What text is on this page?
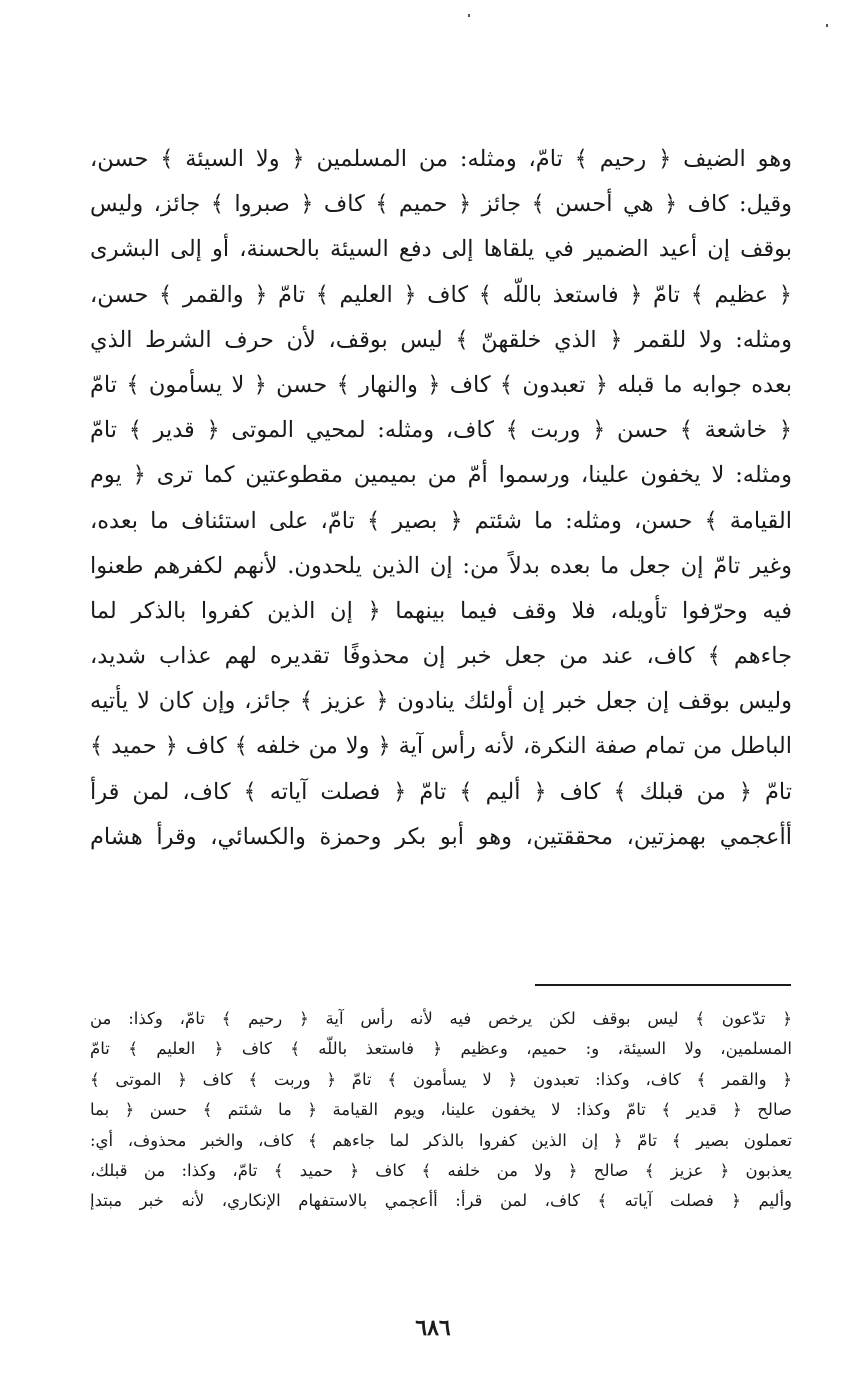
وهو الضيف ﴿ رحيم ﴾ تامّ، ومثله: من المسلمين ﴿ ولا السيئة ﴾ حسن،
وقيل: كاف ﴿ هي أحسن ﴾ جائز ﴿ حميم ﴾ كاف ﴿ صبروا ﴾ جائز، وليس
بوقف إن أعيد الضمير في يلقاها إلى دفع السيئة بالحسنة، أو إلى البشرى
﴿ عظيم ﴾ تامّ ﴿ فاستعذ باللّه ﴾ كاف ﴿ العليم ﴾ تامّ ﴿ والقمر ﴾ حسن،
ومثله: ولا للقمر ﴿ الذي خلقهنّ ﴾ ليس بوقف، لأن حرف الشرط الذي
بعده جوابه ما قبله ﴿ تعبدون ﴾ كاف ﴿ والنهار ﴾ حسن ﴿ لا يسأمون ﴾ تامّ
﴿ خاشعة ﴾ حسن ﴿ وربت ﴾ كاف، ومثله: لمحيي الموتى ﴿ قدير ﴾ تامّ
ومثله: لا يخفون علينا، ورسموا أمّ من بميمين مقطوعتين كما ترى ﴿ يوم
القيامة ﴾ حسن، ومثله: ما شئتم ﴿ بصير ﴾ تامّ، على استئناف ما بعده،
وغير تامّ إن جعل ما بعده بدلاً من: إن الذين يلحدون. لأنهم لكفرهم طعنوا
فيه وحرّفوا تأويله، فلا وقف فيما بينهما ﴿ إن الذين كفروا بالذكر لما
جاءهم ﴾ كاف، عند من جعل خبر إن محذوفًا تقديره لهم عذاب شديد،
وليس بوقف إن جعل خبر إن أولئك ينادون ﴿ عزيز ﴾ جائز، وإن كان لا يأتيه
الباطل من تمام صفة النكرة، لأنه رأس آية ﴿ ولا من خلفه ﴾ كاف ﴿ حميد ﴾
تامّ ﴿ من قبلك ﴾ كاف ﴿ أليم ﴾ تامّ ﴿ فصلت آياته ﴾ كاف، لمن قرأ
أأعجمي بهمزتين، محققتين، وهو أبو بكر وحمزة والكسائي، وقرأ هشام
﴿ تدّعون ﴾ ليس بوقف لكن يرخص فيه لأنه رأس آية ﴿ رحيم ﴾ تامّ، وكذا: من
المسلمين، ولا السيئة، و: حميم، وعظيم ﴿ فاستعذ باللّه ﴾ كاف ﴿ العليم ﴾ تامّ
﴿ والقمر ﴾ كاف، وكذا: تعبدون ﴿ لا يسأمون ﴾ تامّ ﴿ وربت ﴾ كاف ﴿ الموتى ﴾
صالح ﴿ قدير ﴾ تامّ وكذا: لا يخفون علينا، ويوم القيامة ﴿ ما شئتم ﴾ حسن ﴿ بما
تعملون بصير ﴾ تامّ ﴿ إن الذين كفروا بالذكر لما جاءهم ﴾ كاف، والخبر محذوف، أي:
يعذبون ﴿ عزيز ﴾ صالح ﴿ ولا من خلفه ﴾ كاف ﴿ حميد ﴾ تامّ، وكذا: من قبلك،
وأليم ﴿ فصلت آياته ﴾ كاف، لمن قرأ: أأعجمي بالاستفهام الإنكاري، لأنه خبر مبتدإ
٦٨٦
